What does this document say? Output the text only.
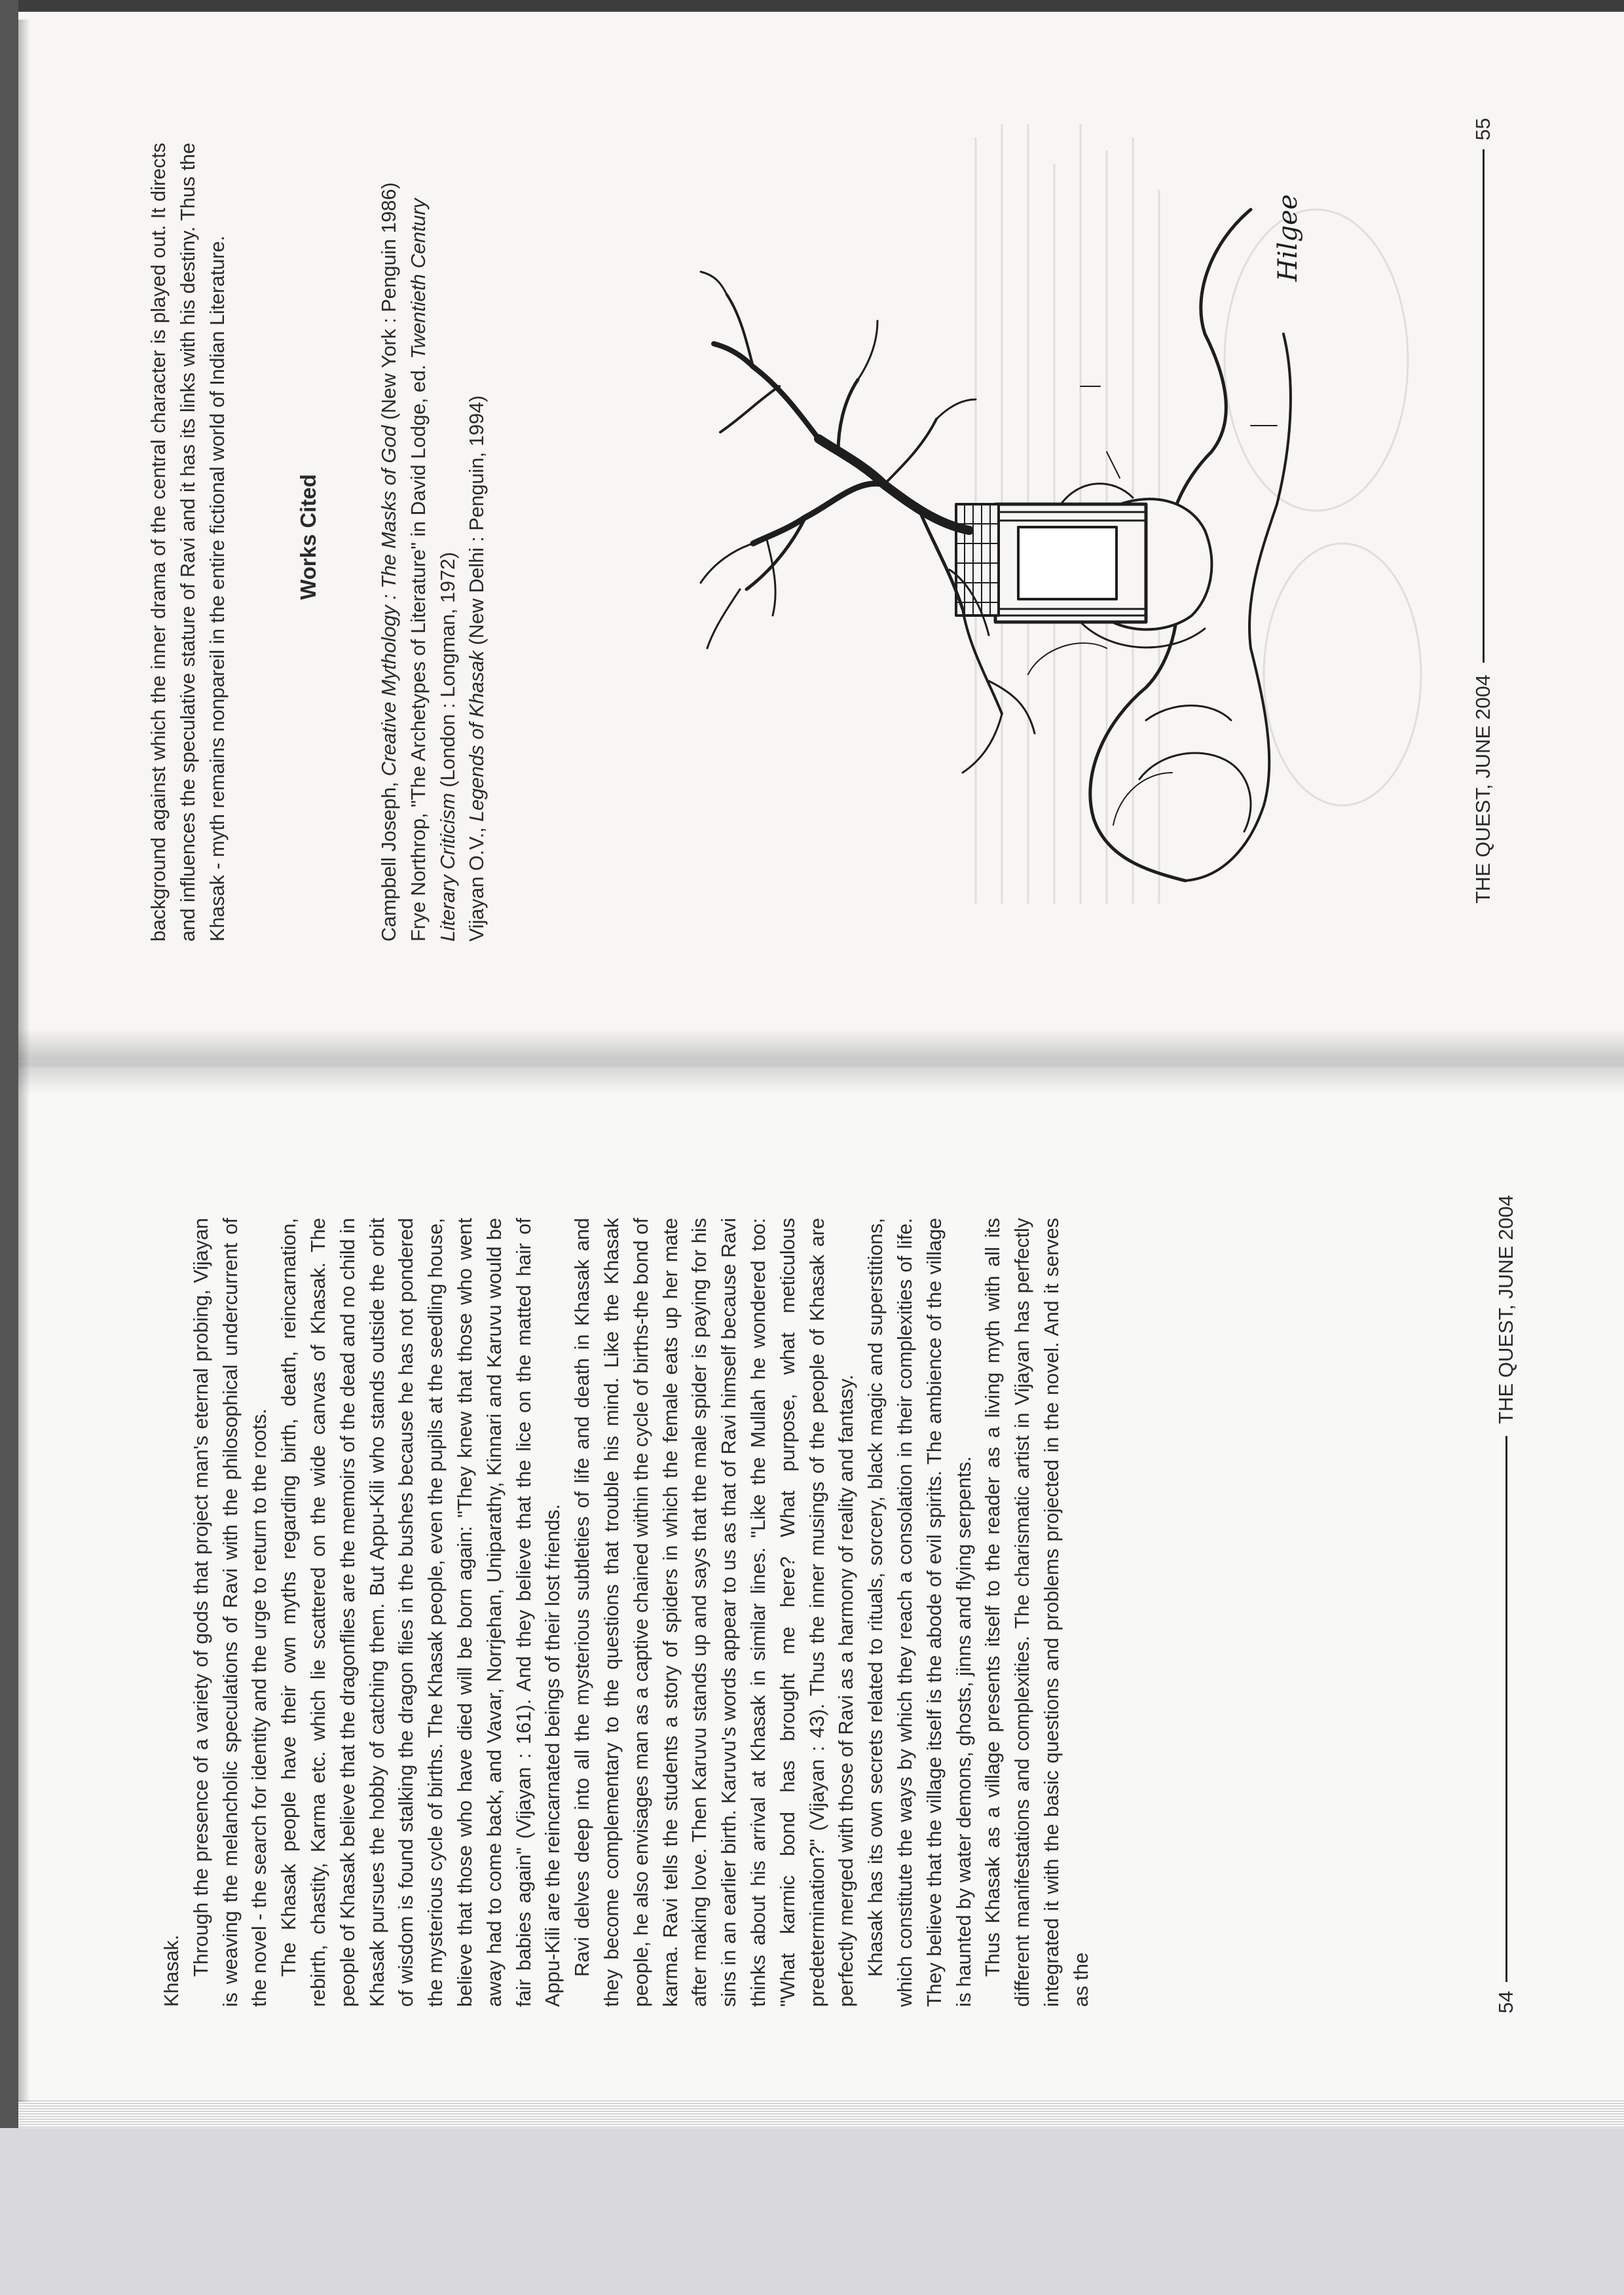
Khasak. Through the presence of a variety of gods that project man's eternal probing, Vijayan is weaving the melancholic speculations of Ravi with the philosophical undercurrent of the novel - the search for identity and the urge to return to the roots. The Khasak people have their own myths regarding birth, death, reincarnation, rebirth, chastity, Karma etc. which lie scattered on the wide canvas of Khasak. The people of Khasak believe that the dragonflies are the memoirs of the dead and no child in Khasak pursues the hobby of catching them. But Appu-Kili who stands outside the orbit of wisdom is found stalking the dragon flies in the bushes because he has not pondered the mysterious cycle of births. The Khasak people, even the pupils at the seedling house, believe that those who have died will be born again: "They knew that those who went away had to come back, and Vavar, Norrjehan, Uniparathy, Kinnari and Karuvu would be fair babies again" (Vijayan : 161). And they believe that the lice on the matted hair of Appu-Kili are the reincarnated beings of their lost friends. Ravi delves deep into all the mysterious subtleties of life and death in Khasak and they become complementary to the questions that trouble his mind. Like the Khasak people, he also envisages man as a captive chained within the cycle of births-the bond of karma. Ravi tells the students a story of spiders in which the female eats up her mate after making love. Then Karuvu stands up and says that the male spider is paying for his sins in an earlier birth. Karuvu's words appear to us as that of Ravi himself because Ravi thinks about his arrival at Khasak in similar lines. "Like the Mullah he wondered too: "What karmic bond has brought me here? What purpose, what meticulous predetermination?" (Vijayan : 43). Thus the inner musings of the people of Khasak are perfectly merged with those of Ravi as a harmony of reality and fantasy. Khasak has its own secrets related to rituals, sorcery, black magic and superstitions, which constitute the ways by which they reach a consolation in their complexities of life. They believe that the village itself is the abode of evil spirits. The ambience of the village is haunted by water demons, ghosts, jinns and flying serpents. Thus Khasak as a village presents itself to the reader as a living myth with all its different manifestations and complexities. The charismatic artist in Vijayan has perfectly integrated it with the basic questions and problems projected in the novel. And it serves as the	54
THE QUEST, JUNE 2004

background against which the inner drama of the central character is played out. It directs and influences the speculative stature of Ravi and it has its links with his destiny. Thus the Khasak - myth remains nonpareil in the entire fictional world of Indian Literature.	Works Cited

Campbell Joseph, Creative Mythology : The Masks of God (New York : Penguin 1986)

Frye Northrop, "The Archetypes of Literature" in David Lodge, ed. Twentieth Century Literary Criticism (London : Longman, 1972)

Vijayan O.V., Legends of Khasak (New Delhi : Penguin, 1994)

THE QUEST, JUNE 2004
55
Hilgee
